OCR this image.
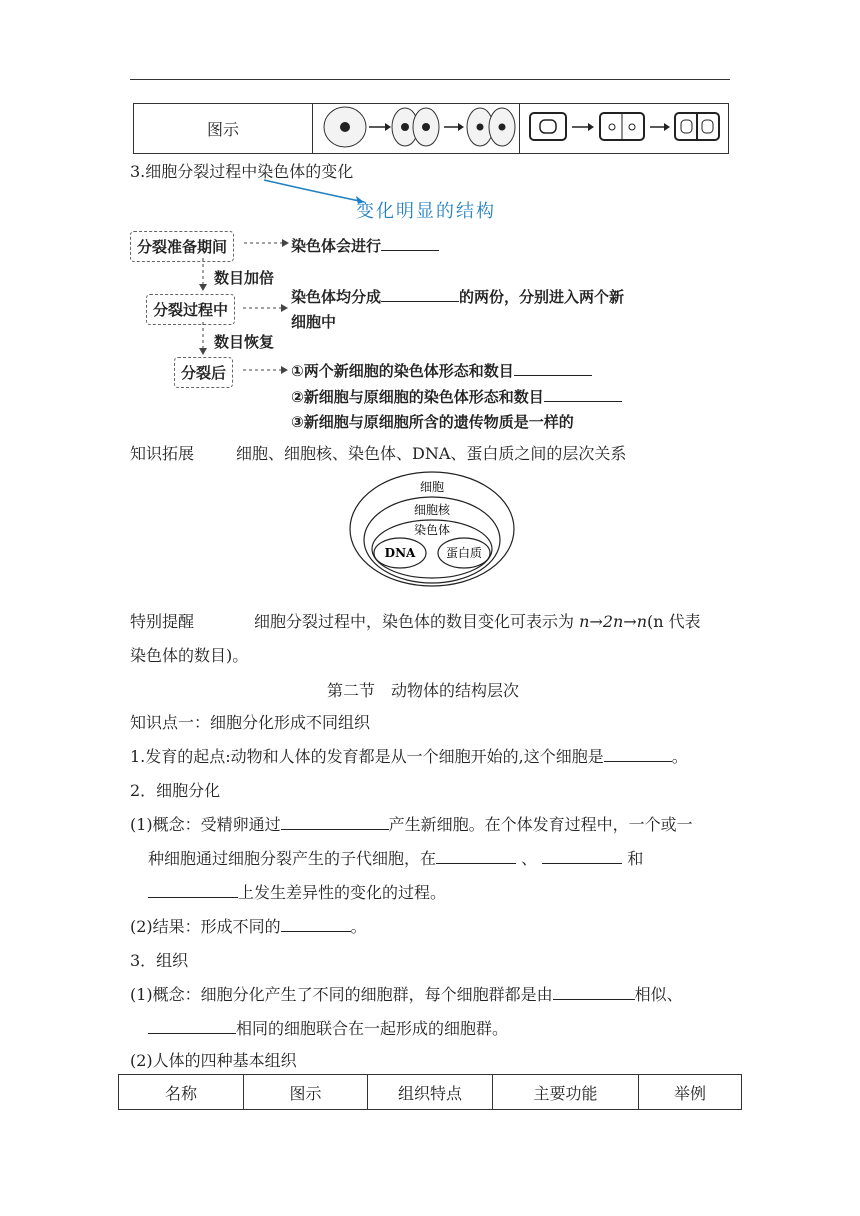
图示		
3.细胞分裂过程中染色体的变化
变化明显的结构
分裂准备期间	染色体会进行
数目加倍
分裂过程中
染色体均分成	的两份，分别进入两个新
细胞中
数目恢复
分裂后	①两个新细胞的染色体形态和数目
②新细胞与原细胞的染色体形态和数目
③新细胞与原细胞所含的遗传物质是一样的
知识拓展	细胞、细胞核、染色体、DNA、蛋白质之间的层次关系
细胞
细胞核
染色体
DNA	蛋白质
特别提醒	细胞分裂过程中，染色体的数目变化可表示为 n→2n→n(n 代表
染色体的数目)。
第二节　动物体的结构层次
知识点一：细胞分化形成不同组织
1.发育的起点:动物和人体的发育都是从一个细胞开始的,这个细胞是	。
2．细胞分化
(1)概念：受精卵通过	产生新细胞。在个体发育过程中，一个或一
种细胞通过细胞分裂产生的子代细胞，在	、	和
上发生差异性的变化的过程。
(2)结果：形成不同的	。
3．组织
(1)概念：细胞分化产生了不同的细胞群，每个细胞群都是由	相似、
相同的细胞联合在一起形成的细胞群。
(2)人体的四种基本组织
名称	图示	组织特点	主要功能	举例
